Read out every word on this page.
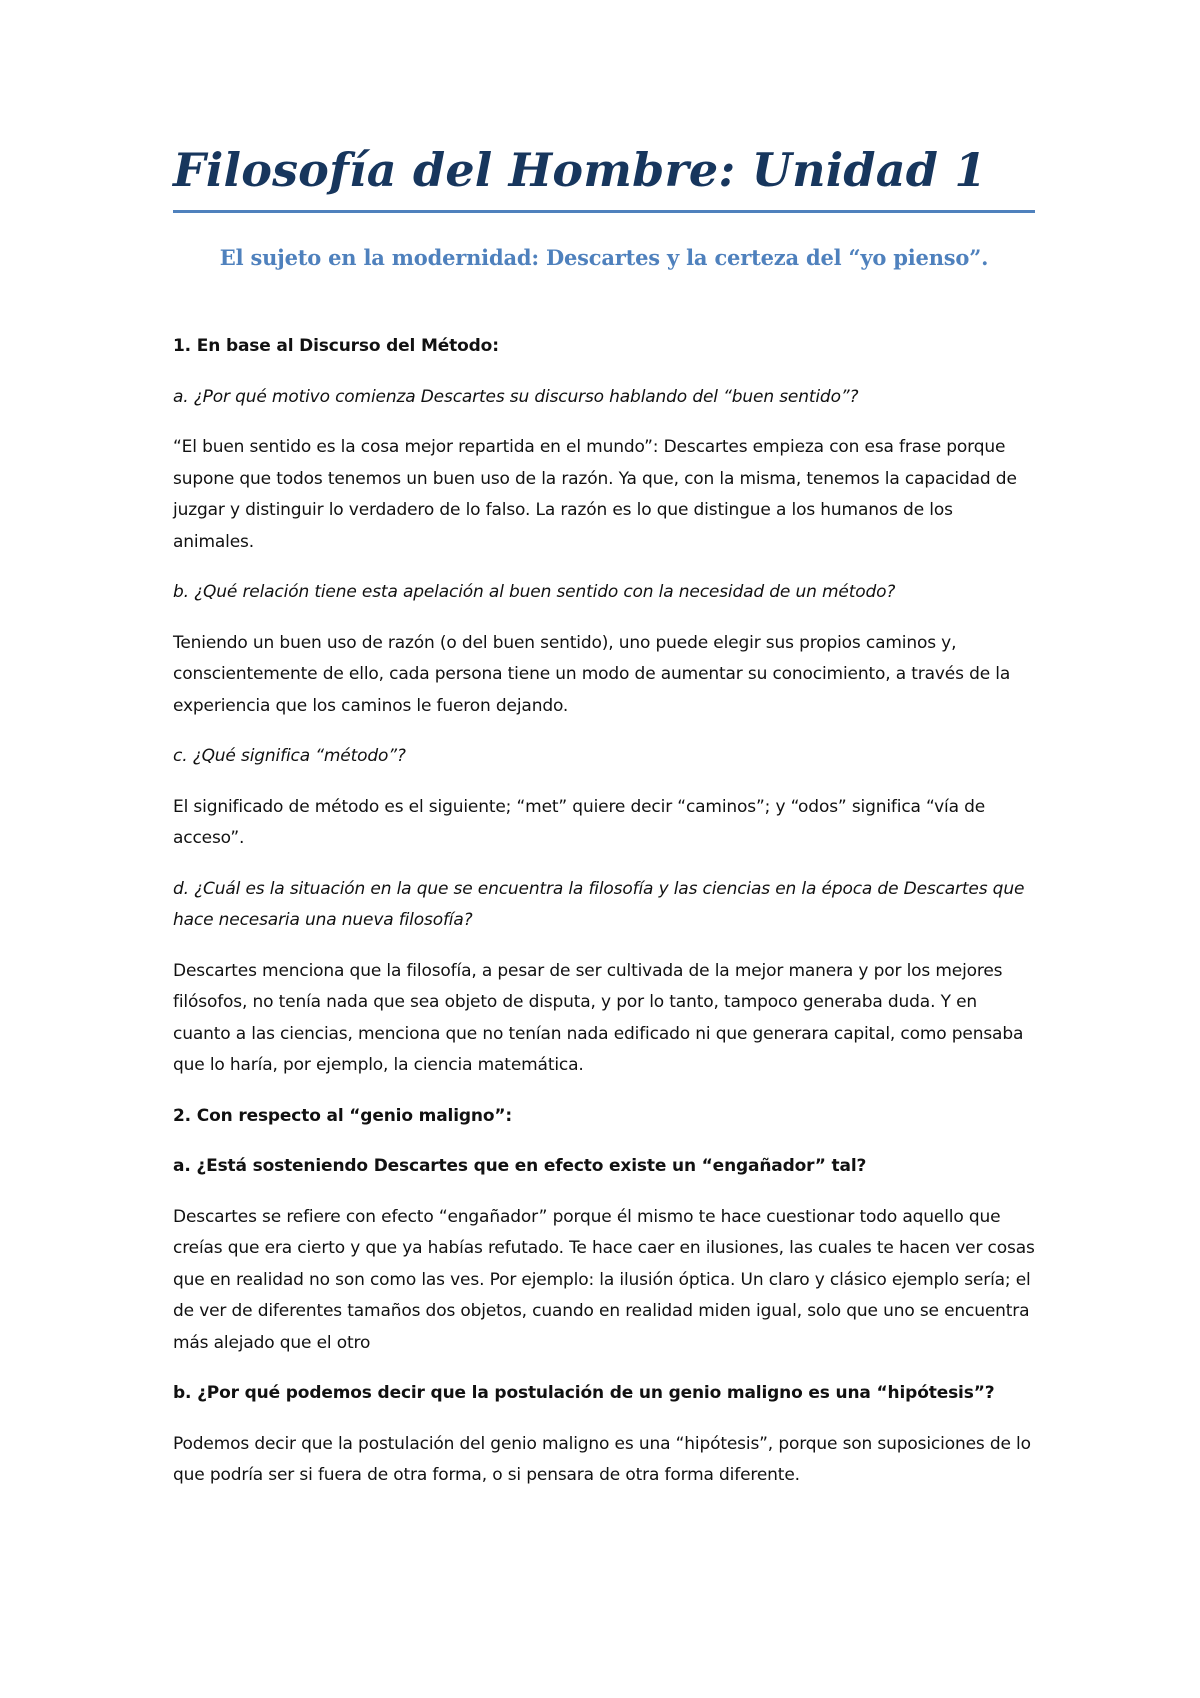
Filosofía del Hombre: Unidad 1

El sujeto en la modernidad: Descartes y la certeza del “yo pienso”.

1. En base al Discurso del Método:

a. ¿Por qué motivo comienza Descartes su discurso hablando del “buen sentido”?

“El buen sentido es la cosa mejor repartida en el mundo”: Descartes empieza con esa frase porque supone que todos tenemos un buen uso de la razón. Ya que, con la misma, tenemos la capacidad de juzgar y distinguir lo verdadero de lo falso. La razón es lo que distingue a los humanos de los animales.

b. ¿Qué relación tiene esta apelación al buen sentido con la necesidad de un método?

Teniendo un buen uso de razón (o del buen sentido), uno puede elegir sus propios caminos y, conscientemente de ello, cada persona tiene un modo de aumentar su conocimiento, a través de la experiencia que los caminos le fueron dejando.

c. ¿Qué significa “método”?

El significado de método es el siguiente; “met” quiere decir “caminos”; y “odos” significa “vía de acceso”.

d. ¿Cuál es la situación en la que se encuentra la filosofía y las ciencias en la época de Descartes que hace necesaria una nueva filosofía?

Descartes menciona que la filosofía, a pesar de ser cultivada de la mejor manera y por los mejores filósofos, no tenía nada que sea objeto de disputa, y por lo tanto, tampoco generaba duda. Y en cuanto a las ciencias, menciona que no tenían nada edificado ni que generara capital, como pensaba que lo haría, por ejemplo, la ciencia matemática.

2. Con respecto al “genio maligno”:

a. ¿Está sosteniendo Descartes que en efecto existe un “engañador” tal?

Descartes se refiere con efecto “engañador” porque él mismo te hace cuestionar todo aquello que creías que era cierto y que ya habías refutado. Te hace caer en ilusiones, las cuales te hacen ver cosas que en realidad no son como las ves. Por ejemplo: la ilusión óptica. Un claro y clásico ejemplo sería; el de ver de diferentes tamaños dos objetos, cuando en realidad miden igual, solo que uno se encuentra más alejado que el otro

b. ¿Por qué podemos decir que la postulación de un genio maligno es una “hipótesis”?

Podemos decir que la postulación del genio maligno es una “hipótesis”, porque son suposiciones de lo que podría ser si fuera de otra forma, o si pensara de otra forma diferente.
